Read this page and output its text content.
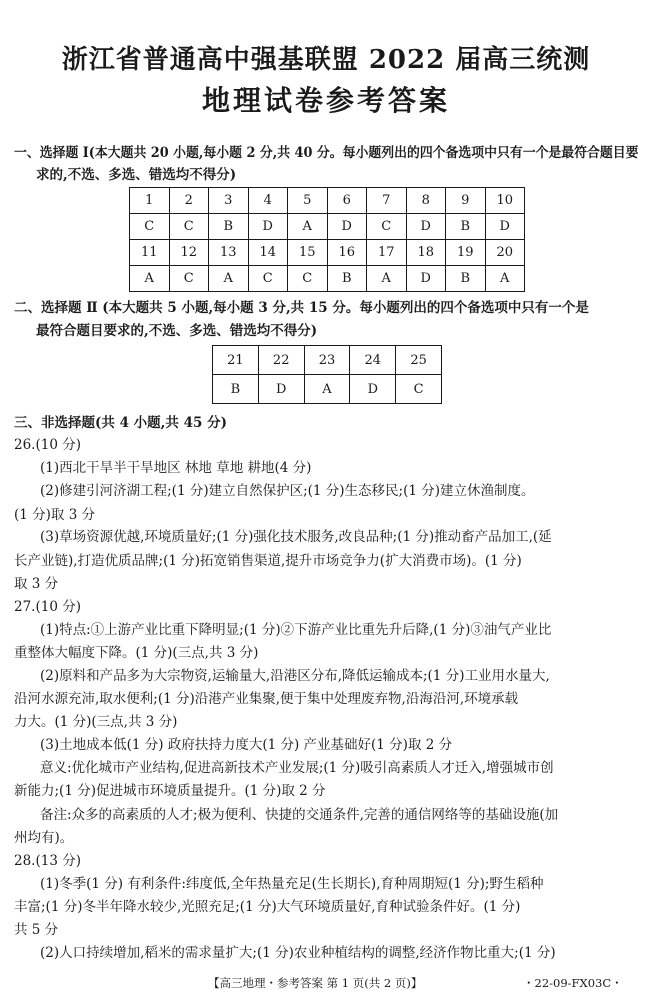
浙江省普通高中强基联盟 2022 届高三统测
地理试卷参考答案
一、选择题 Ⅰ(本大题共 20 小题,每小题 2 分,共 40 分。每小题列出的四个备选项中只有一个是最符合题目要
求的,不选、多选、错选均不得分)
1	2	3	4	5	6	7	8	9	10
C	C	B	D	A	D	C	D	B	D
11	12	13	14	15	16	17	18	19	20
A	C	A	C	C	B	A	D	B	A
二、选择题 Ⅱ (本大题共 5 小题,每小题 3 分,共 15 分。每小题列出的四个备选项中只有一个是
最符合题目要求的,不选、多选、错选均不得分)
21	22	23	24	25
B	D	A	D	C
三、非选择题(共 4 小题,共 45 分)
26.(10 分)
(1)西北干旱半干旱地区 林地 草地 耕地(4 分)
(2)修建引河济湖工程;(1 分)建立自然保护区;(1 分)生态移民;(1 分)建立休渔制度。
(1 分)取 3 分
(3)草场资源优越,环境质量好;(1 分)强化技术服务,改良品种;(1 分)推动畜产品加工,(延
长产业链),打造优质品牌;(1 分)拓宽销售渠道,提升市场竞争力(扩大消费市场)。(1 分)
取 3 分
27.(10 分)
(1)特点:①上游产业比重下降明显;(1 分)②下游产业比重先升后降,(1 分)③油气产业比
重整体大幅度下降。(1 分)(三点,共 3 分)
(2)原料和产品多为大宗物资,运输量大,沿港区分布,降低运输成本;(1 分)工业用水量大,
沿河水源充沛,取水便利;(1 分)沿港产业集聚,便于集中处理废弃物,沿海沿河,环境承载
力大。(1 分)(三点,共 3 分)
(3)土地成本低(1 分) 政府扶持力度大(1 分) 产业基础好(1 分)取 2 分
意义:优化城市产业结构,促进高新技术产业发展;(1 分)吸引高素质人才迁入,增强城市创
新能力;(1 分)促进城市环境质量提升。(1 分)取 2 分
备注:众多的高素质的人才;极为便利、快捷的交通条件,完善的通信网络等的基础设施(加
州均有)。
28.(13 分)
(1)冬季(1 分) 有利条件:纬度低,全年热量充足(生长期长),育种周期短(1 分);野生稻种
丰富;(1 分)冬半年降水较少,光照充足;(1 分)大气环境质量好,育种试验条件好。(1 分)
共 5 分
(2)人口持续增加,稻米的需求量扩大;(1 分)农业种植结构的调整,经济作物比重大;(1 分)
【高三地理・参考答案 第 1 页(共 2 页)】	・22-09-FX03C・
